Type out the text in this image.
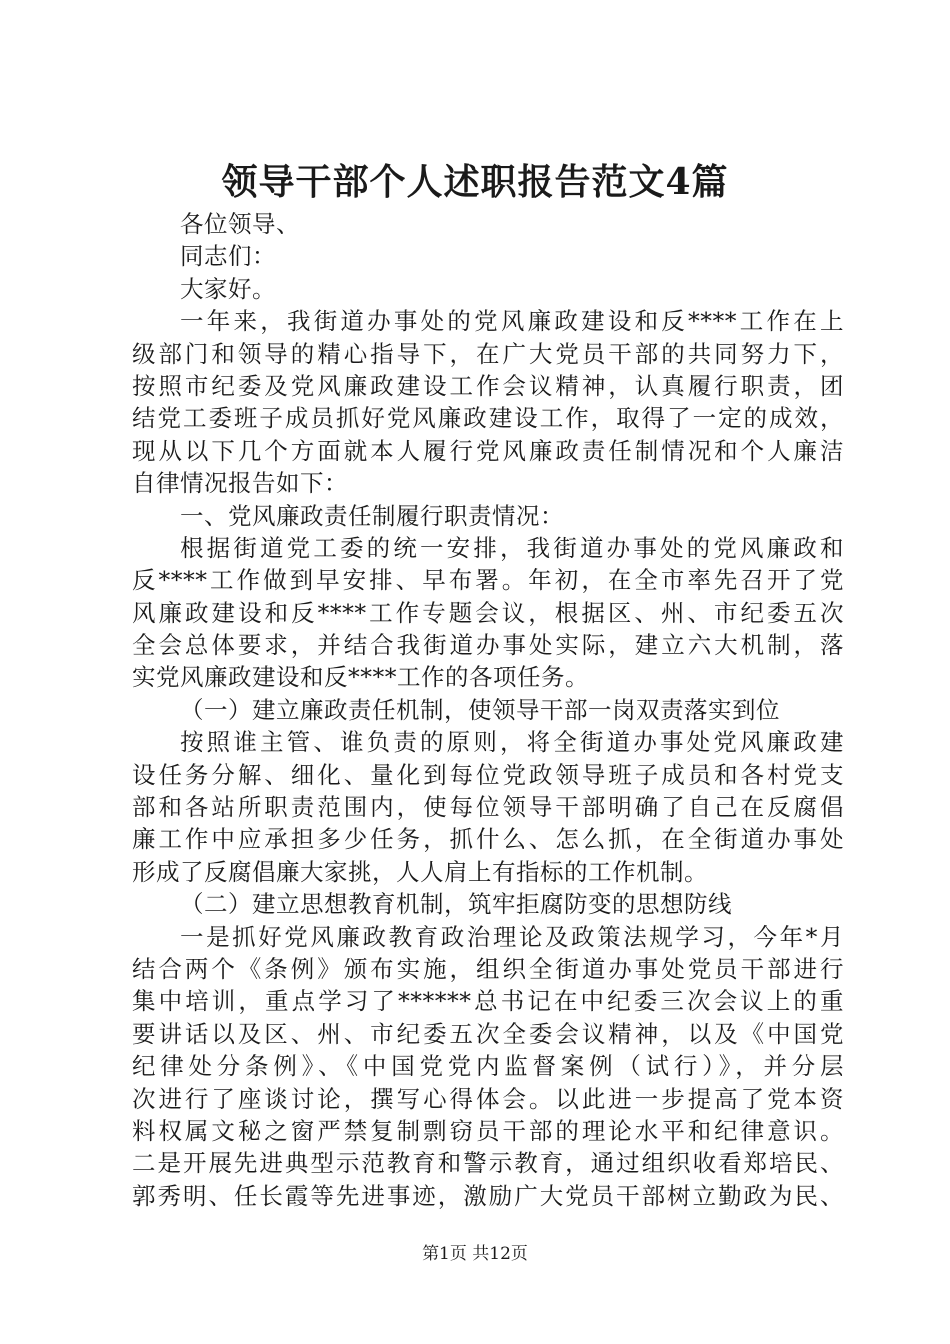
领导干部个人述职报告范文4篇
各位领导、
同志们：
大家好。
一年来，我街道办事处的党风廉政建设和反****工作在上
级部门和领导的精心指导下，在广大党员干部的共同努力下，
按照市纪委及党风廉政建设工作会议精神，认真履行职责，团
结党工委班子成员抓好党风廉政建设工作，取得了一定的成效，
现从以下几个方面就本人履行党风廉政责任制情况和个人廉洁
自律情况报告如下：
一、党风廉政责任制履行职责情况：
根据街道党工委的统一安排，我街道办事处的党风廉政和
反****工作做到早安排、早布署。年初，在全市率先召开了党
风廉政建设和反****工作专题会议，根据区、州、市纪委五次
全会总体要求，并结合我街道办事处实际，建立六大机制，落
实党风廉政建设和反****工作的各项任务。
（一）建立廉政责任机制，使领导干部一岗双责落实到位
按照谁主管、谁负责的原则，将全街道办事处党风廉政建
设任务分解、细化、量化到每位党政领导班子成员和各村党支
部和各站所职责范围内，使每位领导干部明确了自己在反腐倡
廉工作中应承担多少任务，抓什么、怎么抓，在全街道办事处
形成了反腐倡廉大家挑，人人肩上有指标的工作机制。
（二）建立思想教育机制，筑牢拒腐防变的思想防线
一是抓好党风廉政教育政治理论及政策法规学习，今年*月
结合两个《条例》颁布实施，组织全街道办事处党员干部进行
集中培训，重点学习了******总书记在中纪委三次会议上的重
要讲话以及区、州、市纪委五次全委会议精神，以及《中国党
纪律处分条例》、《中国党党内监督案例（试行）》，并分层
次进行了座谈讨论，撰写心得体会。以此进一步提高了党本资
料权属文秘之窗严禁复制剽窃员干部的理论水平和纪律意识。
二是开展先进典型示范教育和警示教育，通过组织收看郑培民、
郭秀明、任长霞等先进事迹，激励广大党员干部树立勤政为民、
第1页 共12页
